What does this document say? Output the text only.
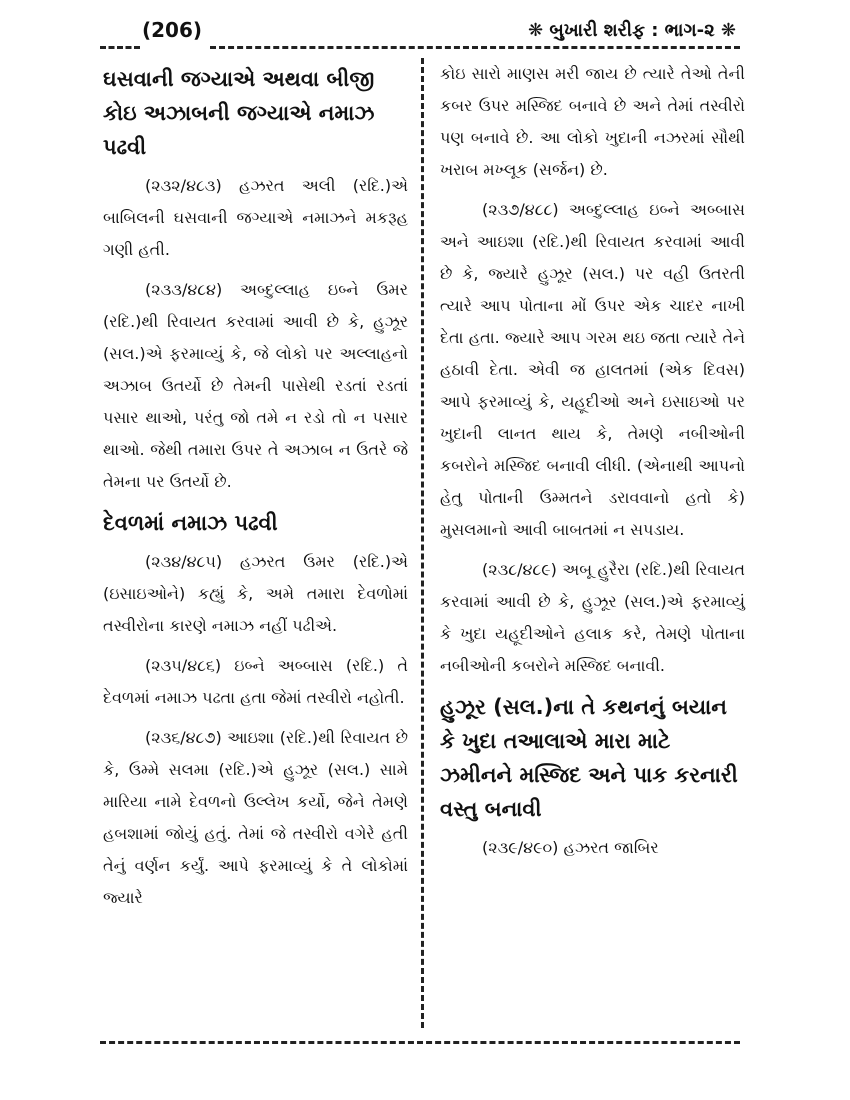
(206)	❋ બુખારી શરીફ : ભાગ-૨ ❋
ઘસવાની જગ્યાએ અથવા બીજી કોઇ અઝાબની જગ્યાએ નમાઝ પઢવી

(૨૩૨/૪૮૩) હઝરત અલી (રદિ.)એ બાબિલની ઘસવાની જગ્યાએ નમાઝને મકરૂહ ગણી હતી.

(૨૩૩/૪૮૪) અબ્દુલ્લાહ ઇબ્ને ઉમર (રદિ.)થી રિવાયત કરવામાં આવી છે કે, હુઝૂર (સલ.)એ ફરમાવ્યું કે, જે લોકો પર અલ્લાહનો અઝાબ ઉતર્યો છે તેમની પાસેથી રડતાં રડતાં પસાર થાઓ, પરંતુ જો તમે ન રડો તો ન પસાર થાઓ. જેથી તમારા ઉપર તે અઝાબ ન ઉતરે જે તેમના પર ઉતર્યો છે.

દેવળમાં નમાઝ પઢવી

(૨૩૪/૪૮૫) હઝરત ઉમર (રદિ.)એ (ઇસાઇઓને) કહ્યું કે, અમે તમારા દેવળોમાં તસ્વીરોના કારણે નમાઝ નહીં પઢીએ.

(૨૩૫/૪૮૬) ઇબ્ને અબ્બાસ (રદિ.) તે દેવળમાં નમાઝ પઢતા હતા જેમાં તસ્વીરો નહોતી.

(૨૩૬/૪૮૭) આઇશા (રદિ.)થી રિવાયત છે કે, ઉમ્મે સલમા (રદિ.)એ હુઝૂર (સલ.) સામે મારિયા નામે દેવળનો ઉલ્લેખ કર્યો, જેને તેમણે હબશામાં જોયું હતું. તેમાં જે તસ્વીરો વગેરે હતી તેનું વર્ણન કર્યું. આપે ફરમાવ્યું કે તે લોકોમાં જ્યારે

કોઇ સારો માણસ મરી જાય છે ત્યારે તેઓ તેની કબર ઉપર મસ્જિદ બનાવે છે અને તેમાં તસ્વીરો પણ બનાવે છે. આ લોકો ખુદાની નઝરમાં સૌથી ખરાબ મખ્લૂક (સર્જન) છે.

(૨૩૭/૪૮૮) અબ્દુલ્લાહ ઇબ્ને અબ્બાસ અને આઇશા (રદિ.)થી રિવાયત કરવામાં આવી છે કે, જ્યારે હુઝૂર (સલ.) પર વહી ઉતરતી ત્યારે આપ પોતાના મોં ઉપર એક ચાદર નાખી દેતા હતા. જ્યારે આપ ગરમ થઇ જતા ત્યારે તેને હઠાવી દેતા. એવી જ હાલતમાં (એક દિવસ) આપે ફરમાવ્યું કે, યહૂદીઓ અને ઇસાઇઓ પર ખુદાની લાનત થાય કે, તેમણે નબીઓની કબરોને મસ્જિદ બનાવી લીધી. (એનાથી આપનો હેતુ પોતાની ઉમ્મતને ડરાવવાનો હતો કે) મુસલમાનો આવી બાબતમાં ન સપડાય.

(૨૩૮/૪૮૯) અબૂ હુરૈરા (રદિ.)થી રિવાયત કરવામાં આવી છે કે, હુઝૂર (સલ.)એ ફરમાવ્યું કે ખુદા યહૂદીઓને હલાક કરે, તેમણે પોતાના નબીઓની કબરોને મસ્જિદ બનાવી.

હુઝૂર (સલ.)ના તે કથનનું બયાન કે ખુદા તઆલાએ મારા માટે ઝમીનને મસ્જિદ અને પાક કરનારી વસ્તુ બનાવી

(૨૩૯/૪૯૦) હઝરત જાબિર
